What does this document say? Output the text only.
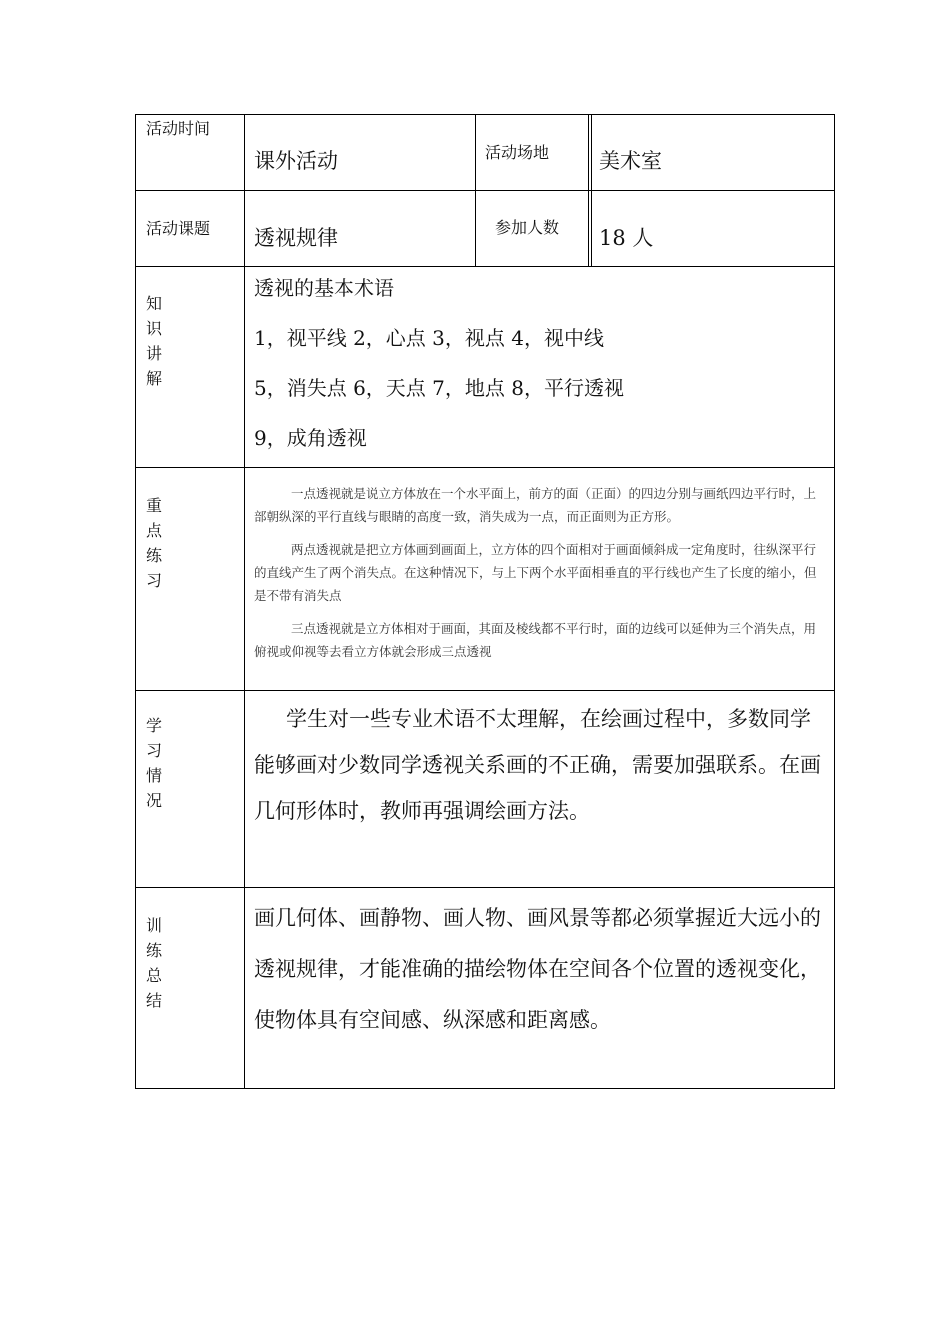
活动时间
课外活动	活动场地 美术室
活动课题 透视规律	参加人数 18 人
知识讲解

透视的基本术语

1，视平线 2，心点 3，视点 4，视中线

5，消失点 6，天点 7，地点 8，平行透视

9，成角透视

重点练习

一点透视就是说立方体放在一个水平面上，前方的面（正面）的四边分别与画纸四边平行时，上部朝纵深的平行直线与眼睛的高度一致，消失成为一点，而正面则为正方形。

两点透视就是把立方体画到画面上，立方体的四个面相对于画面倾斜成一定角度时，往纵深平行的直线产生了两个消失点。在这种情况下，与上下两个水平面相垂直的平行线也产生了长度的缩小，但是不带有消失点

三点透视就是立方体相对于画面，其面及棱线都不平行时，面的边线可以延伸为三个消失点，用俯视或仰视等去看立方体就会形成三点透视

学习情况

学生对一些专业术语不太理解，在绘画过程中，多数同学能够画对少数同学透视关系画的不正确，需要加强联系。在画几何形体时，教师再强调绘画方法。

训练总结

画几何体、画静物、画人物、画风景等都必须掌握近大远小的透视规律，才能准确的描绘物体在空间各个位置的透视变化，使物体具有空间感、纵深感和距离感。
